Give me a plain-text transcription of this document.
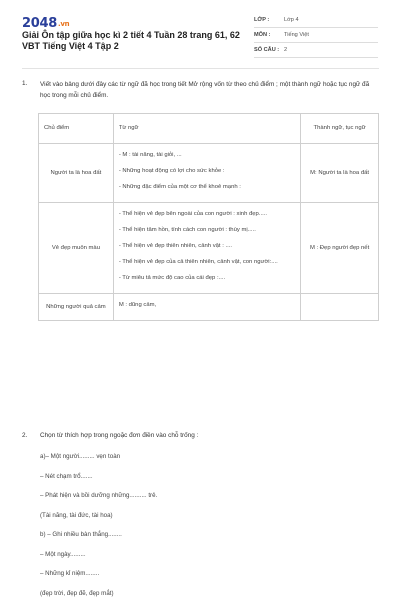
2048.vn
Giải Ôn tập giữa học kì 2 tiết 4 Tuần 28 trang 61, 62 VBT Tiếng Việt 4 Tập 2
LỚP :	Lớp 4
MÔN :	Tiếng Việt
SỐ CÂU : 2
1. Viết vào bảng dưới đây các từ ngữ đã học trong tiết Mở rộng vốn từ theo chủ điểm ; một thành ngữ hoặc tục ngữ đã học trong mỗi chủ điểm.
Chủ điểm	Từ ngữ	Thành ngữ, tục ngữ
Người ta là hoa đất	- M : tài năng, tài giỏi, ...
- Những hoạt động có lợi cho sức khỏe :
- Những đặc điểm của một cơ thể khoẻ mạnh :	M: Người ta là hoa đất
Vẻ đẹp muôn màu	- Thể hiện vẻ đẹp bên ngoài của con người : xinh đẹp.....
- Thể hiện tâm hồn, tính cách con người : thùy mị.....
- Thể hiện vẻ đẹp thiên nhiên, cảnh vật : ....
- Thể hiện vẻ đẹp của cả thiên nhiên, cảnh vật, con người:....
- Từ miêu tả mức độ cao của cái đẹp :....	M : Đẹp người đẹp nết
Những người quả cảm	M : dũng cảm,	

2. Chọn từ thích hợp trong ngoặc đơn điền vào chỗ trống :
a)– Một người......... vẹn toàn
– Nét chạm trổ.......
– Phát hiện và bồi dưỡng những.......... trẻ.
(Tài năng, tài đức, tài hoa)
b) – Ghi nhiều bàn thắng........
– Một ngày.........
– Những kỉ niệm........
(đẹp trời, đẹp đẽ, đẹp mắt)
